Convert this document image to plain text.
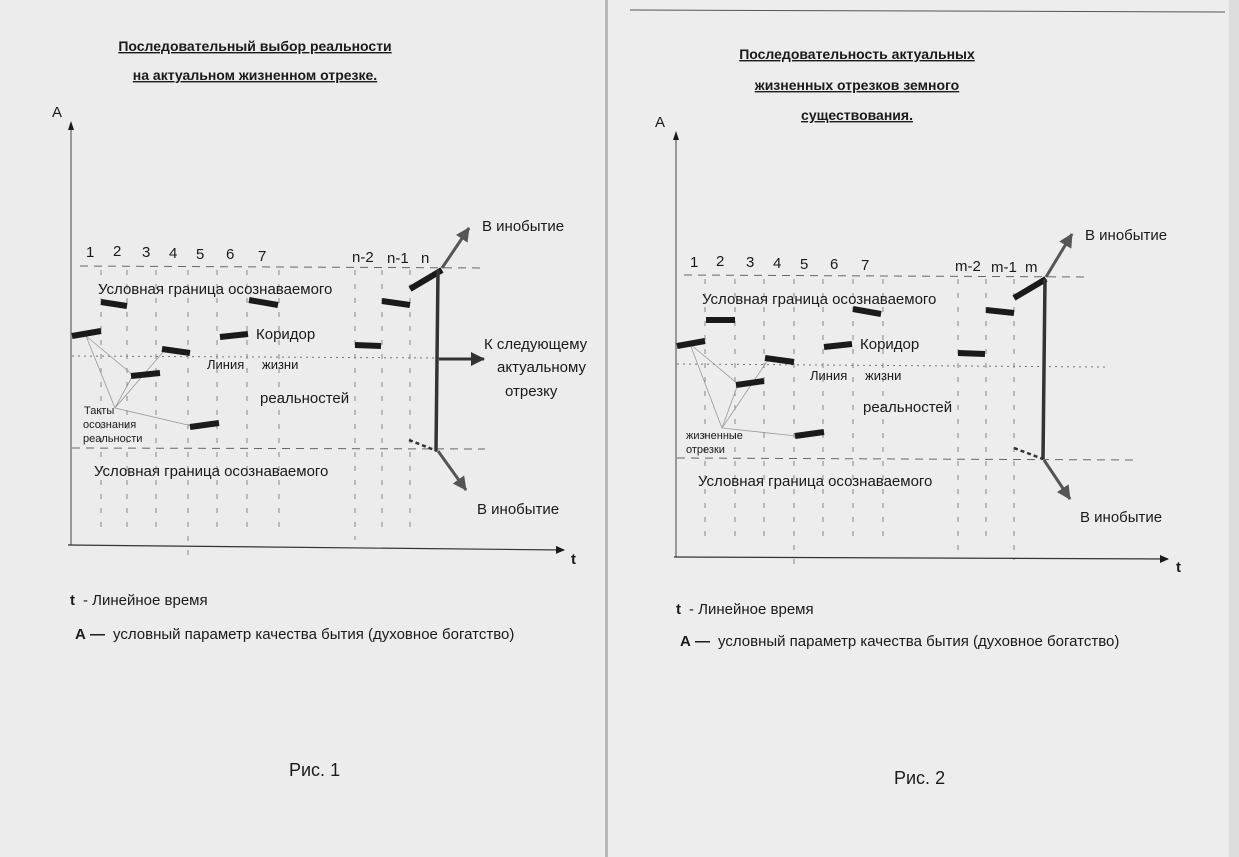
Последовательный выбор реальности
на актуальном жизненном отрезке.
A
t
1 2 3 4 5 6 7	n-2 n-1 n
Условная граница осознаваемого
Условная граница осознаваемого
Коридор
Линия жизни
реальностей
Такты
осознания
реальности
В инобытие
В инобытие
К следующему
актуальному
отрезку
t - Линейное время
А — условный параметр качества бытия (духовное богатство)
Рис. 1
Последовательность актуальных
жизненных отрезков земного
существования.
A
t
1 2 3 4 5 6 7	m-2 m-1 m
Условная граница осознаваемого
Условная граница осознаваемого
Коридор
Линия жизни
реальностей
жизненные
отрезки
В инобытие
В инобытие
t - Линейное время
А — условный параметр качества бытия (духовное богатство)
Рис. 2
